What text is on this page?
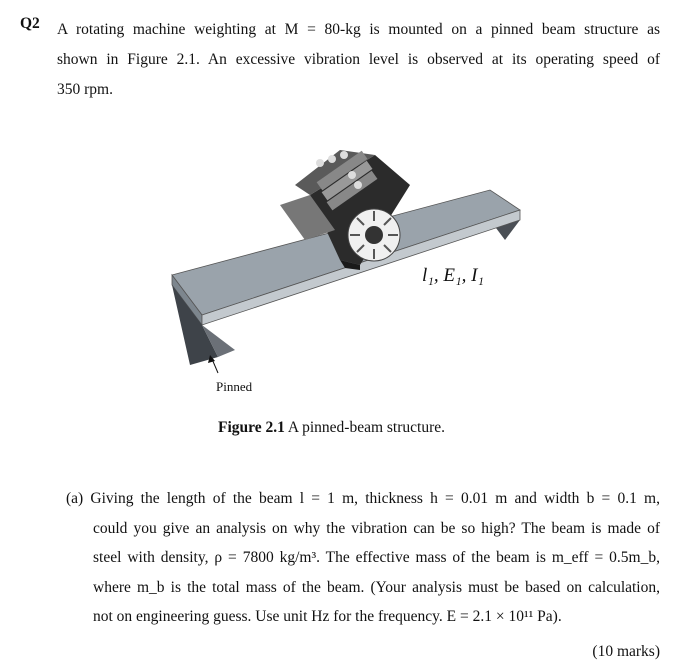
Q2 A rotating machine weighting at M = 80-kg is mounted on a pinned beam structure as
shown in Figure 2.1. An excessive vibration level is observed at its operating speed of
350 rpm.
l₁, E₁, I₁
Pinned
Figure 2.1 A pinned-beam structure.
(a) Giving the length of the beam l = 1 m, thickness h = 0.01 m and width b = 0.1 m,
could you give an analysis on why the vibration can be so high? The beam is made of
steel with density, ρ = 7800 kg/m³. The effective mass of the beam is m_eff = 0.5m_b,
where m_b is the total mass of the beam. (Your analysis must be based on calculation,
not on engineering guess. Use unit Hz for the frequency. E = 2.1 × 10¹¹ Pa).
(10 marks)
